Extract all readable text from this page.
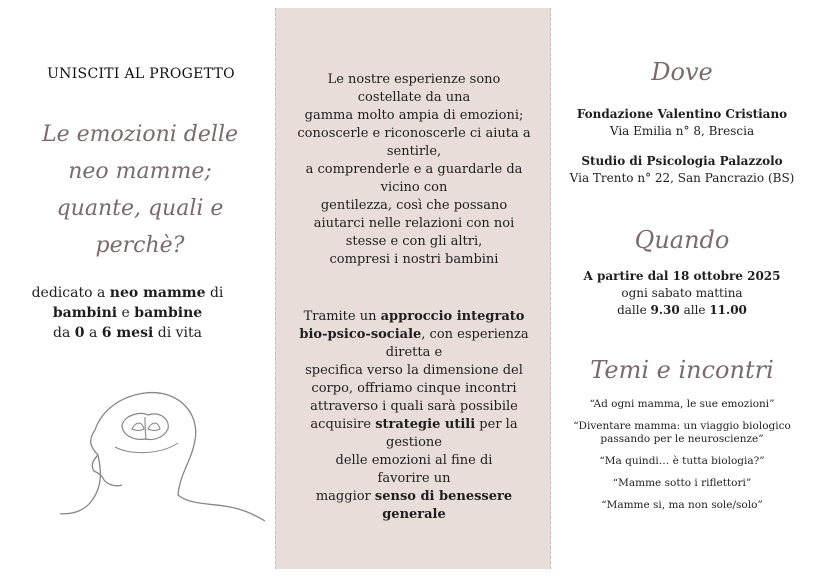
UNISCITI AL PROGETTO
Le emozioni delle
neo mamme;
quante, quali e
perchè?
dedicato a neo mamme di
bambini e bambine
da 0 a 6 mesi di vita
Le nostre esperienze sono
costellate da una
gamma molto ampia di emozioni;
conoscerle e riconoscerle ci aiuta a
sentirle,
a comprenderle e a guardarle da
vicino con
gentilezza, così che possano
aiutarci nelle relazioni con noi
stesse e con gli altri,
compresi i nostri bambini
Tramite un approccio integrato
bio-psico-sociale, con esperienza
diretta e
specifica verso la dimensione del
corpo, offriamo cinque incontri
attraverso i quali sarà possibile
acquisire strategie utili per la
gestione
delle emozioni al fine di
favorire un
maggior senso di benessere
generale
Dove
Fondazione Valentino Cristiano
Via Emilia n° 8, Brescia
Studio di Psicologia Palazzolo
Via Trento n° 22, San Pancrazio (BS)
Quando
A partire dal 18 ottobre 2025
ogni sabato mattina
dalle 9.30 alle 11.00
Temi e incontri
“Ad ogni mamma, le sue emozioni”
“Diventare mamma: un viaggio biologico
passando per le neuroscienze”
“Ma quindi… è tutta biologia?”
“Mamme sotto i riflettori”
“Mamme si, ma non sole/solo”
